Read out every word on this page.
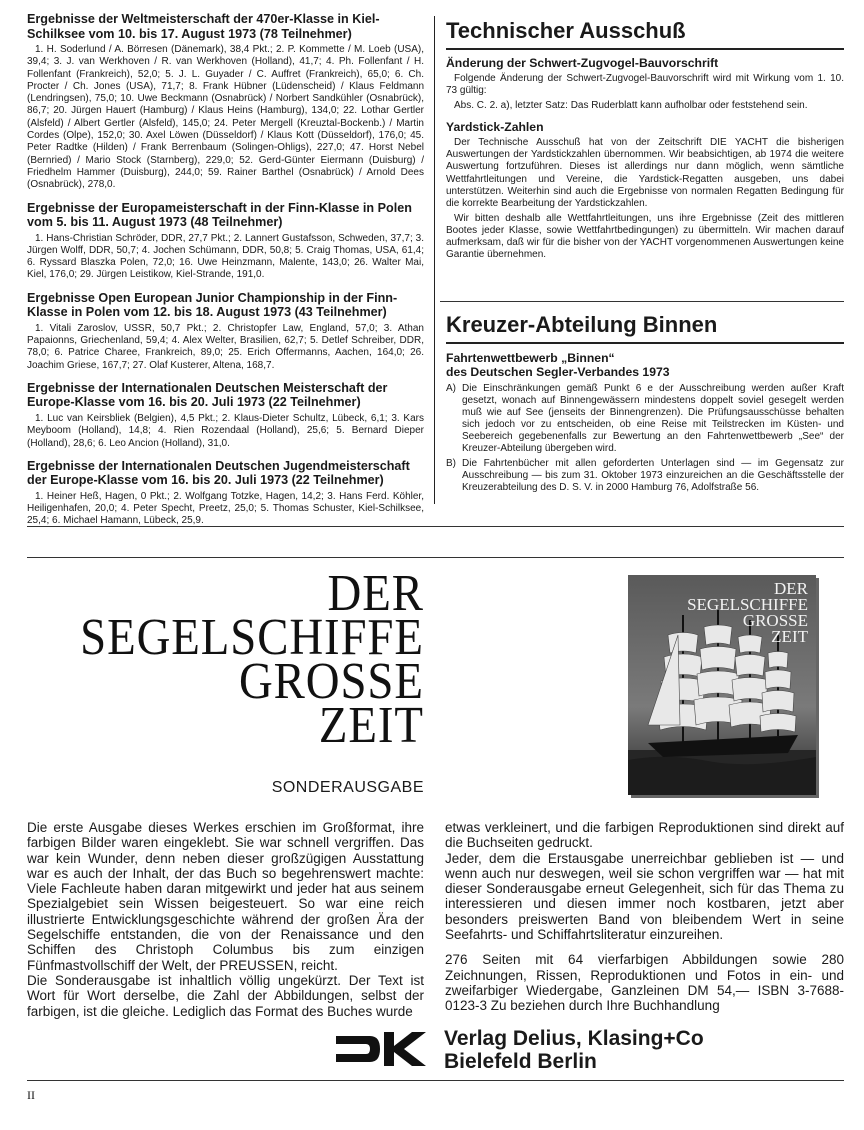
Ergebnisse der Weltmeisterschaft der 470er-Klasse in Kiel-Schilksee vom 10. bis 17. August 1973 (78 Teilnehmer)

1. H. Soderlund / A. Börresen (Dänemark), 38,4 Pkt.; 2. P. Kommette / M. Loeb (USA), 39,4; 3. J. van Werkhoven / R. van Werkhoven (Holland), 41,7; 4. Ph. Follenfant / H. Follenfant (Frankreich), 52,0; 5. J. L. Guyader / C. Auffret (Frankreich), 65,0; 6. Ch. Procter / Ch. Jones (USA), 71,7; 8. Frank Hübner (Lüdenscheid) / Klaus Feldmann (Lendringsen), 75,0; 10. Uwe Beckmann (Osnabrück) / Norbert Sandkühler (Osnabrück), 86,7; 20. Jürgen Hauert (Hamburg) / Klaus Heins (Hamburg), 134,0; 22. Lothar Gertler (Alsfeld) / Albert Gertler (Alsfeld), 145,0; 24. Peter Mergell (Kreuztal-Bockenb.) / Martin Cordes (Olpe), 152,0; 30. Axel Löwen (Düsseldorf) / Klaus Kott (Düsseldorf), 176,0; 45. Peter Radtke (Hilden) / Frank Berrenbaum (Solingen-Ohligs), 227,0; 47. Horst Nebel (Bernried) / Mario Stock (Starnberg), 229,0; 52. Gerd-Günter Eiermann (Duisburg) / Friedhelm Hammer (Duisburg), 244,0; 59. Rainer Barthel (Osnabrück) / Arnold Dees (Osnabrück), 278,0.

Ergebnisse der Europameisterschaft in der Finn-Klasse in Polen vom 5. bis 11. August 1973 (48 Teilnehmer)

1. Hans-Christian Schröder, DDR, 27,7 Pkt.; 2. Lannert Gustafsson, Schweden, 37,7; 3. Jürgen Wolff, DDR, 50,7; 4. Jochen Schümann, DDR, 50,8; 5. Craig Thomas, USA, 61,4; 6. Ryssard Blaszka Polen, 72,0; 16. Uwe Heinzmann, Malente, 143,0; 26. Walter Mai, Kiel, 176,0; 29. Jürgen Leistikow, Kiel-Strande, 191,0.

Ergebnisse Open European Junior Championship in der Finn-Klasse in Polen vom 12. bis 18. August 1973 (43 Teilnehmer)

1. Vitali Zaroslov, USSR, 50,7 Pkt.; 2. Christopfer Law, England, 57,0; 3. Athan Papaionns, Griechenland, 59,4; 4. Alex Welter, Brasilien, 62,7; 5. Detlef Schreiber, DDR, 78,0; 6. Patrice Charee, Frankreich, 89,0; 25. Erich Offermanns, Aachen, 164,0; 26. Joachim Griese, 167,7; 27. Olaf Kusterer, Altena, 168,7.

Ergebnisse der Internationalen Deutschen Meisterschaft der Europe-Klasse vom 16. bis 20. Juli 1973 (22 Teilnehmer)

1. Luc van Keirsbliek (Belgien), 4,5 Pkt.; 2. Klaus-Dieter Schultz, Lübeck, 6,1; 3. Kars Meyboom (Holland), 14,8; 4. Rien Rozendaal (Holland), 25,6; 5. Bernard Dieper (Holland), 28,6; 6. Leo Ancion (Holland), 31,0.

Ergebnisse der Internationalen Deutschen Jugendmeisterschaft der Europe-Klasse vom 16. bis 20. Juli 1973 (22 Teilnehmer)

1. Heiner Heß, Hagen, 0 Pkt.; 2. Wolfgang Totzke, Hagen, 14,2; 3. Hans Ferd. Köhler, Heiligenhafen, 20,0; 4. Peter Specht, Preetz, 25,0; 5. Thomas Schuster, Kiel-Schilksee, 25,4; 6. Michael Hamann, Lübeck, 25,9.

Technischer Ausschuß

Änderung der Schwert-Zugvogel-Bauvorschrift

Folgende Änderung der Schwert-Zugvogel-Bauvorschrift wird mit Wirkung vom 1. 10. 73 gültig:

Abs. C. 2. a), letzter Satz: Das Ruderblatt kann aufholbar oder feststehend sein.

Yardstick-Zahlen

Der Technische Ausschuß hat von der Zeitschrift DIE YACHT die bisherigen Auswertungen der Yardstickzahlen übernommen. Wir beabsichtigen, ab 1974 die weitere Auswertung fortzuführen. Dieses ist allerdings nur dann möglich, wenn sämtliche Wettfahrtleitungen und Vereine, die Yardstick-Regatten ausgeben, uns dabei unterstützen. Weiterhin sind auch die Ergebnisse von normalen Regatten Bedingung für die korrekte Bearbeitung der Yardstickzahlen.

Wir bitten deshalb alle Wettfahrtleitungen, uns ihre Ergebnisse (Zeit des mittleren Bootes jeder Klasse, sowie Wettfahrtbedingungen) zu übermitteln. Wir machen darauf aufmerksam, daß wir für die bisher von der YACHT vorgenommenen Auswertungen keine Garantie übernehmen.

Kreuzer-Abteilung Binnen

Fahrtenwettbewerb „Binnen“

des Deutschen Segler-Verbandes 1973

A) Die Einschränkungen gemäß Punkt 6 e der Ausschreibung werden außer Kraft gesetzt, wonach auf Binnengewässern mindestens doppelt soviel gesegelt werden muß wie auf See (jenseits der Binnengrenzen). Die Prüfungsausschüsse behalten sich jedoch vor zu entscheiden, ob eine Reise mit Teilstrecken im Küsten- und Seebereich gegebenenfalls zur Bewertung an den Fahrtenwettbewerb „See“ der Kreuzer-Abteilung übergeben wird.
B) Die Fahrtenbücher mit allen geforderten Unterlagen sind — im Gegensatz zur Ausschreibung — bis zum 31. Oktober 1973 einzureichen an die Geschäftsstelle der Kreuzerabteilung des D. S. V. in 2000 Hamburg 76, Adolfstraße 56.
DER
SEGELSCHIFFE
GROSSE
ZEIT
SONDERAUSGABE
DER
SEGELSCHIFFE
GROSSE
ZEIT

Die erste Ausgabe dieses Werkes erschien im Großformat, ihre farbigen Bilder waren eingeklebt. Sie war schnell vergriffen. Das war kein Wunder, denn neben dieser großzügigen Ausstattung war es auch der Inhalt, der das Buch so begehrenswert machte: Viele Fachleute haben daran mitgewirkt und jeder hat aus seinem Spezialgebiet sein Wissen beigesteuert. So war eine reich illustrierte Entwicklungsgeschichte während der großen Ära der Segelschiffe entstanden, die von der Renaissance und den Schiffen des Christoph Columbus bis zum einzigen Fünfmastvollschiff der Welt, der PREUSSEN, reicht.

Die Sonderausgabe ist inhaltlich völlig ungekürzt. Der Text ist Wort für Wort derselbe, die Zahl der Abbildungen, selbst der farbigen, ist die gleiche. Lediglich das Format des Buches wurde

etwas verkleinert, und die farbigen Reproduktionen sind direkt auf die Buchseiten gedruckt.

Jeder, dem die Erstausgabe unerreichbar geblieben ist — und wenn auch nur deswegen, weil sie schon vergriffen war — hat mit dieser Sonderausgabe erneut Gelegenheit, sich für das Thema zu interessieren und diesen immer noch kostbaren, jetzt aber besonders preiswerten Band von bleibendem Wert in seine Seefahrts- und Schiffahrtsliteratur einzureihen.

276 Seiten mit 64 vierfarbigen Abbildungen sowie 280 Zeichnungen, Rissen, Reproduktionen und Fotos in ein- und zweifarbiger Wiedergabe, Ganzleinen DM 54,— ISBN 3-7688-0123-3 Zu beziehen durch Ihre Buchhandlung

Verlag Delius, Klasing+Co
Bielefeld Berlin
II
